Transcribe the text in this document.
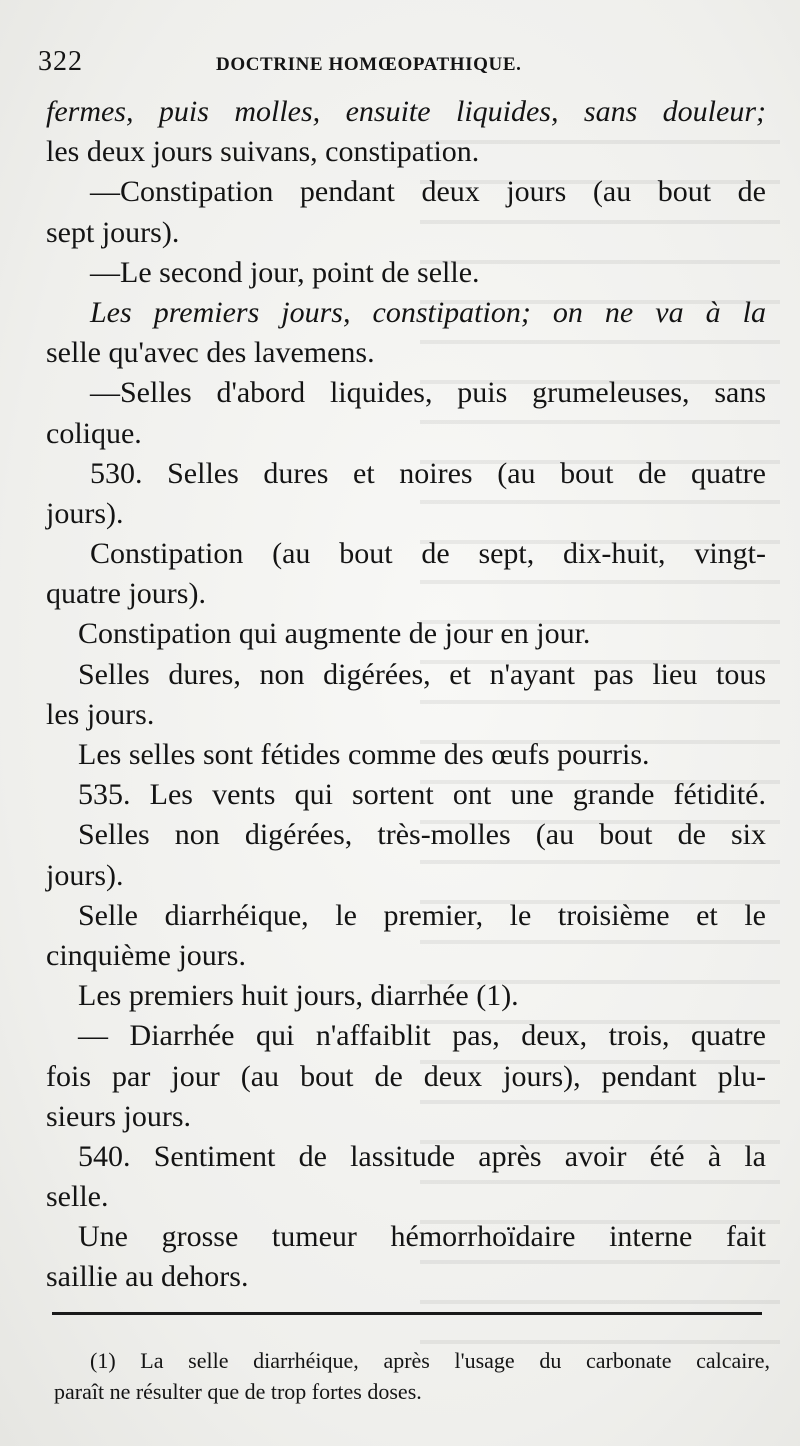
322	DOCTRINE HOMŒOPATHIQUE.
fermes, puis molles, ensuite liquides, sans douleur;
les deux jours suivans, constipation.
—Constipation pendant deux jours (au bout de
sept jours).
—Le second jour, point de selle.
Les premiers jours, constipation; on ne va à la
selle qu'avec des lavemens.
—Selles d'abord liquides, puis grumeleuses, sans
colique.
530. Selles dures et noires (au bout de quatre
jours).
Constipation (au bout de sept, dix-huit, vingt-
quatre jours).
Constipation qui augmente de jour en jour.
Selles dures, non digérées, et n'ayant pas lieu tous
les jours.
Les selles sont fétides comme des œufs pourris.
535. Les vents qui sortent ont une grande fétidité.
Selles non digérées, très-molles (au bout de six
jours).
Selle diarrhéique, le premier, le troisième et le
cinquième jours.
Les premiers huit jours, diarrhée (1).
— Diarrhée qui n'affaiblit pas, deux, trois, quatre
fois par jour (au bout de deux jours), pendant plu-
sieurs jours.
540. Sentiment de lassitude après avoir été à la
selle.
Une grosse tumeur hémorrhoïdaire interne fait
saillie au dehors.
(1) La selle diarrhéique, après l'usage du carbonate calcaire,
paraît ne résulter que de trop fortes doses.
